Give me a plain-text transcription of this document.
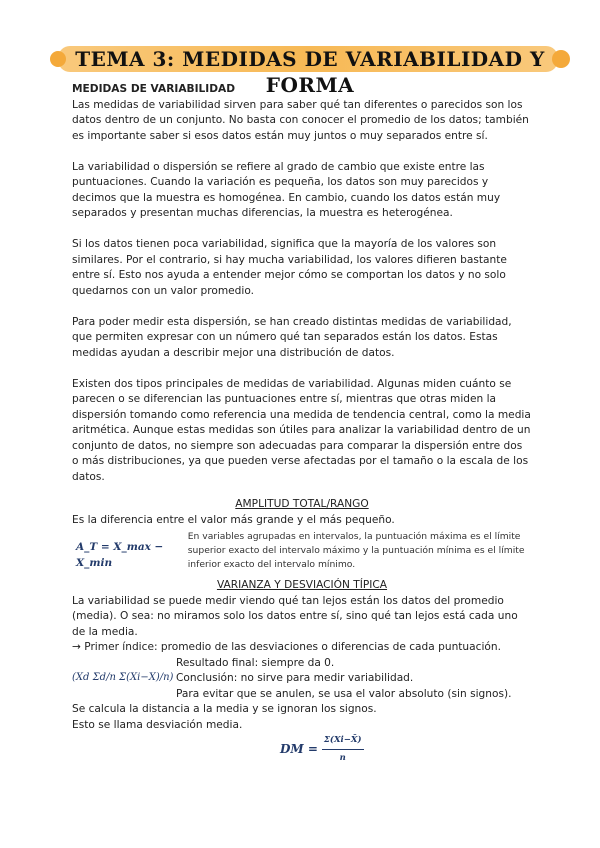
TEMA 3: MEDIDAS DE VARIABILIDAD Y FORMA
MEDIDAS DE VARIABILIDAD

Las medidas de variabilidad sirven para saber qué tan diferentes o parecidos son los datos dentro de un conjunto. No basta con conocer el promedio de los datos; también es importante saber si esos datos están muy juntos o muy separados entre sí.

La variabilidad o dispersión se refiere al grado de cambio que existe entre las puntuaciones. Cuando la variación es pequeña, los datos son muy parecidos y decimos que la muestra es homogénea. En cambio, cuando los datos están muy separados y presentan muchas diferencias, la muestra es heterogénea.

Si los datos tienen poca variabilidad, significa que la mayoría de los valores son similares. Por el contrario, si hay mucha variabilidad, los valores difieren bastante entre sí. Esto nos ayuda a entender mejor cómo se comportan los datos y no solo quedarnos con un valor promedio.

Para poder medir esta dispersión, se han creado distintas medidas de variabilidad, que permiten expresar con un número qué tan separados están los datos. Estas medidas ayudan a describir mejor una distribución de datos.

Existen dos tipos principales de medidas de variabilidad. Algunas miden cuánto se parecen o se diferencian las puntuaciones entre sí, mientras que otras miden la dispersión tomando como referencia una medida de tendencia central, como la media aritmética. Aunque estas medidas son útiles para analizar la variabilidad dentro de un conjunto de datos, no siempre son adecuadas para comparar la dispersión entre dos o más distribuciones, ya que pueden verse afectadas por el tamaño o la escala de los datos.

AMPLITUD TOTAL/RANGO

Es la diferencia entre el valor más grande y el más pequeño.

A_T = X_max − X_min
En variables agrupadas en intervalos, la puntuación máxima es el límite superior exacto del intervalo máximo y la puntuación mínima es el límite inferior exacto del intervalo mínimo.
VARIANZA Y DESVIACIÓN TÍPICA

La variabilidad se puede medir viendo qué tan lejos están los datos del promedio (media). O sea: no miramos solo los datos entre sí, sino qué tan lejos está cada uno de la media.

→ Primer índice: promedio de las desviaciones o diferencias de cada puntuación.

(Xd Σd/n Σ(Xi−X)/n)
Resultado final: siempre da 0.
Conclusión: no sirve para medir variabilidad.
Para evitar que se anulen, se usa el valor absoluto (sin signos).

Se calcula la distancia a la media y se ignoran los signos.

Esto se llama desviación media.

DM = $\frac{\Sigma(Xi-X̄)}{n}$
